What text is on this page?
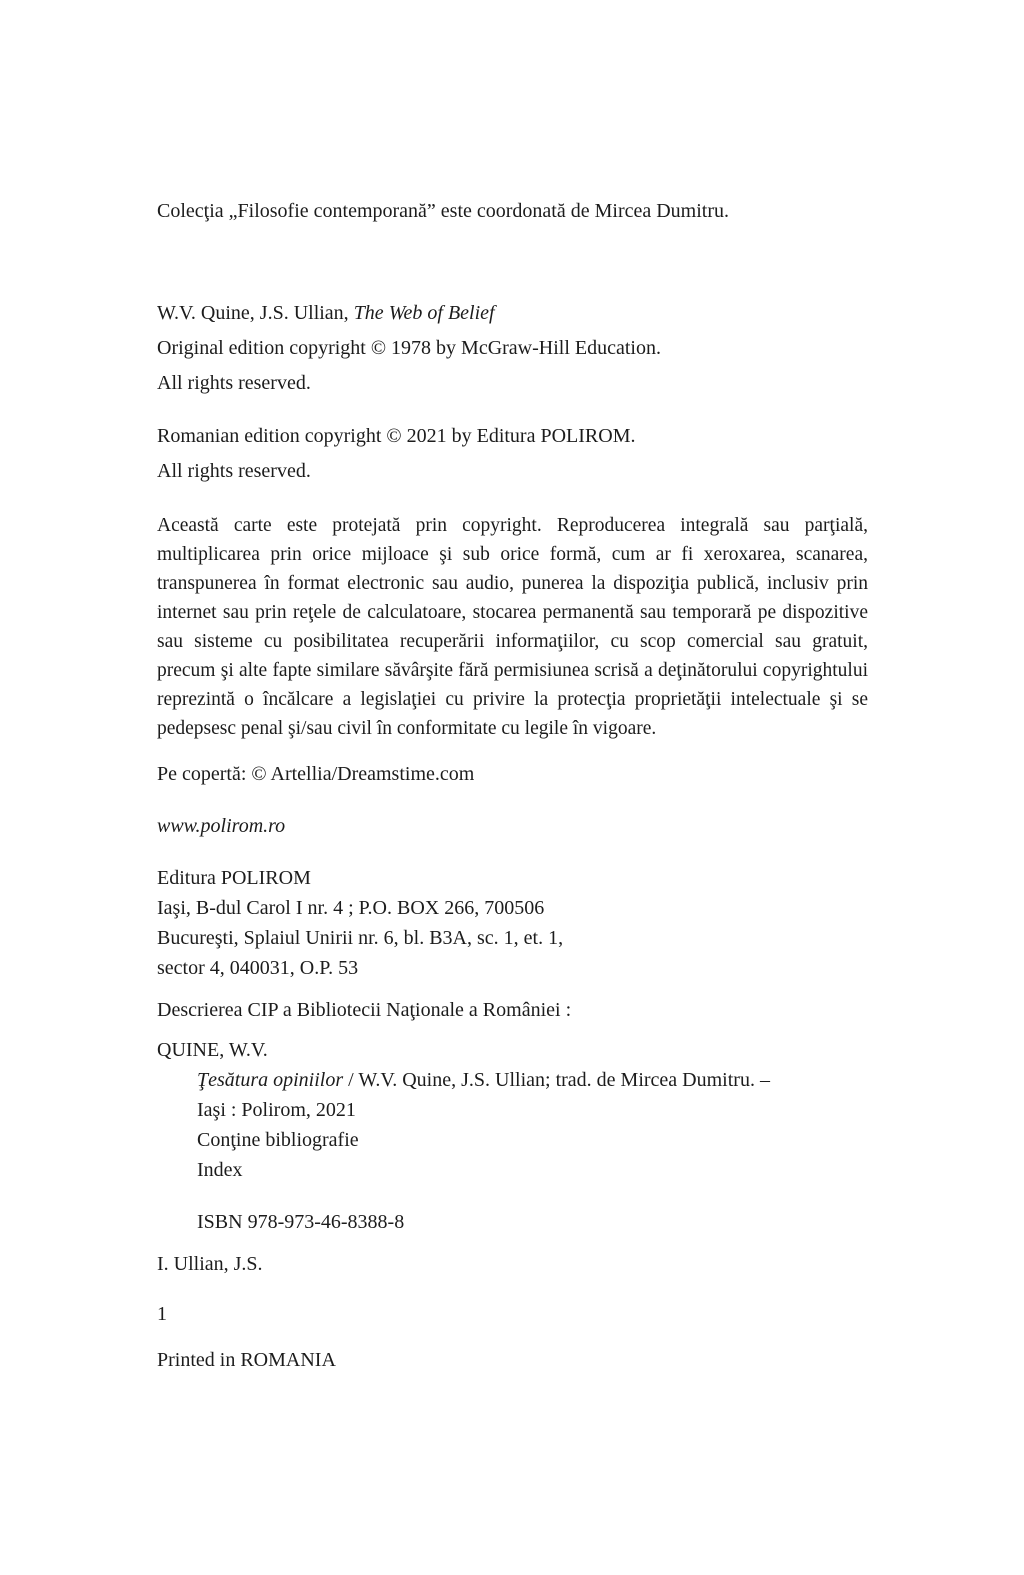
Colecţia „Filosofie contemporană” este coordonată de Mircea Dumitru.

W.V. Quine, J.S. Ullian, The Web of Belief

Original edition copyright © 1978 by McGraw-Hill Education.

All rights reserved.

Romanian edition copyright © 2021 by Editura POLIROM.

All rights reserved.

Această carte este protejată prin copyright. Reproducerea integrală sau parţială, multiplicarea prin orice mijloace şi sub orice formă, cum ar fi xeroxarea, scanarea, transpunerea în format electronic sau audio, punerea la dispoziţia publică, inclusiv prin internet sau prin reţele de calculatoare, stocarea permanentă sau temporară pe dispozitive sau sisteme cu posibilitatea recuperării informaţiilor, cu scop comercial sau gratuit, precum şi alte fapte similare săvârşite fără permisiunea scrisă a deţinătorului copyrightului reprezintă o încălcare a legislaţiei cu privire la protecţia proprietăţii intelectuale şi se pedepsesc penal şi/sau civil în conformitate cu legile în vigoare.

Pe copertă: © Artellia/Dreamstime.com

www.polirom.ro

Editura POLIROM

Iaşi, B-dul Carol I nr. 4 ; P.O. BOX 266, 700506

Bucureşti, Splaiul Unirii nr. 6, bl. B3A, sc. 1, et. 1,

sector 4, 040031, O.P. 53

Descrierea CIP a Bibliotecii Naţionale a României :

QUINE, W.V.

Ţesătura opiniilor / W.V. Quine, J.S. Ullian; trad. de Mircea Dumitru. –

Iaşi : Polirom, 2021

Conţine bibliografie

Index

ISBN 978-973-46-8388-8

I. Ullian, J.S.

1

Printed in ROMANIA
